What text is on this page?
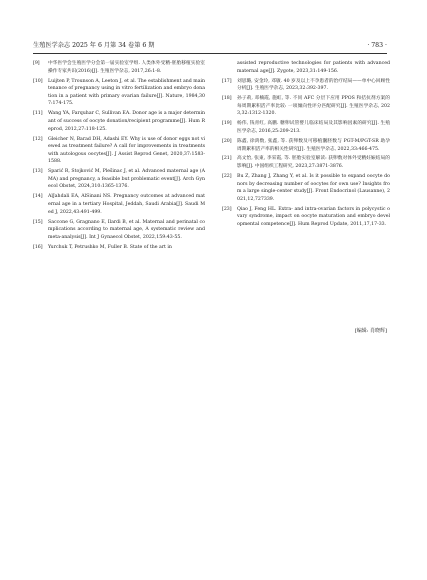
生殖医学杂志 2025 年 6 月第 34 卷第 6 期	· 783 ·
[9] 中华医学会生殖医学分会第一届实验室学组. 人类体外受精-胚胎移植实验室操作专家共识(2016)[J]. 生殖医学杂志, 2017,26:1-8.
[10] Luijten P, Trounson A, Leeton J, et al. The establishment and maintenance of pregnancy using in vitro fertilization and embryo donation in a patient with primary ovarian failure[J]. Nature, 1984,307:174-175.
[11] Wang YA, Farquhar C, Sullivan EA. Donor age is a major determinant of success of oocyte donation/recipient programme[J]. Hum Reprod, 2012,27:118-125.
[12] Gleicher N, Barad DH, Adashi EY. Why is use of donor eggs not viewed as treatment failure? A call for improvements in treatments with autologous oocytes[J]. J Assist Reprod Genet, 2020,37:1583-1588.
[13] Sparić R, Stojković M, Plešinac J, et al. Advanced maternal age (AMA) and pregnancy, a feasible but problematic event[J]. Arch Gynecol Obstet, 2024,310:1365-1376.
[14] AlJahdali EA, AlSinani NS. Pregnancy outcomes at advanced maternal age in a tertiary Hospital, Jeddah, Saudi Arabia[J]. Saudi Med J, 2022,43:491-499.
[15] Saccone G, Gragnano E, Ilardi B, et al. Maternal and perinatal complications according to maternal age, A systematic review and meta-analysis[J]. Int J Gynaecol Obstet, 2022,159:43-55.
[16] Yurchuk T, Petrushko M, Fuller B. State of the art in
assisted reproductive technologies for patients with advanced maternal age[J]. Zygote, 2023,31:149-156.
[17] 刘思璐, 安金玲, 邓敏. 40 岁及以上不孕患者的治疗结局——单中心回顾性分析[J]. 生殖医学杂志, 2023,32:392-397.
[18] 孙子莉, 邓楠霞, 施虹, 等. 不同 AFC 分层下应用 PPOS 和拮抗剂方案的每周期累积活产率比较: 一项倾向性评分匹配研究[J]. 生殖医学杂志, 2023,32:1312-1320.
[19] 杨伟, 钱青红, 高鹏. 糖卵试管婴儿临床结局及其影响因素的研究[J]. 生殖医学杂志, 2016,25:209-213.
[20] 陈鑫, 徐鸿数, 张鑫, 等. 获卵数及可移植囊胚数与 PGT-M/PGT-SR 助孕周期累积活产率的相关性研究[J]. 生殖医学杂志, 2022,33:466-475.
[21] 高文怡, 张東, 李采霞, 等. 胚胎实验室解读: 获卵数对体外受精妊娠结局的影响[J]. 中国组织工程研究, 2023,27:3871-3876.
[22] Bu Z, Zhang J, Zhang Y, et al. Is it possible to expand oocyte donors by decreasing number of oocytes for own use? Insights from a large single-center study[J]. Front Endocrinol (Lausanne), 2021,12,727339.
[23] Qiao J, Feng HL. Extra- and intra-ovarian factors in polycystic ovary syndrome, impact on oocyte maturation and embryo developmental competence[J]. Hum Reprod Update, 2011,17,17-33.
[编辑: 肖晓辉]
